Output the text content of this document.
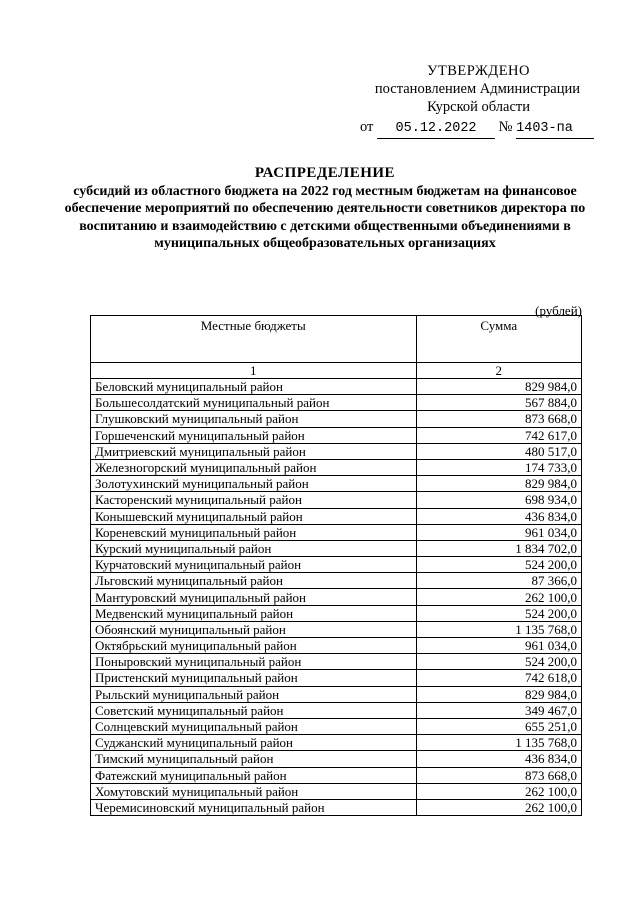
УТВЕРЖДЕНО
постановлением Администрации
Курской области
от 05.12.2022 № 1403-па
РАСПРЕДЕЛЕНИЕ
субсидий из областного бюджета на 2022 год местным бюджетам на финансовое обеспечение мероприятий по обеспечению деятельности советников директора по воспитанию и взаимодействию с детскими общественными объединениями в муниципальных общеобразовательных организациях
(рублей)
Местные бюджеты	Сумма
1	2
Беловский муниципальный район	829 984,0
Большесолдатский муниципальный район	567 884,0
Глушковский муниципальный район	873 668,0
Горшеченский муниципальный район	742 617,0
Дмитриевский муниципальный район	480 517,0
Железногорский муниципальный район	174 733,0
Золотухинский муниципальный район	829 984,0
Касторенский муниципальный район	698 934,0
Конышевский муниципальный район	436 834,0
Кореневский муниципальный район	961 034,0
Курский муниципальный район	1 834 702,0
Курчатовский муниципальный район	524 200,0
Льговский муниципальный район	87 366,0
Мантуровский муниципальный район	262 100,0
Медвенский муниципальный район	524 200,0
Обоянский муниципальный район	1 135 768,0
Октябрьский муниципальный район	961 034,0
Поныровский муниципальный район	524 200,0
Пристенский муниципальный район	742 618,0
Рыльский муниципальный район	829 984,0
Советский муниципальный район	349 467,0
Солнцевский муниципальный район	655 251,0
Суджанский муниципальный район	1 135 768,0
Тимский муниципальный район	436 834,0
Фатежский муниципальный район	873 668,0
Хомутовский муниципальный район	262 100,0
Черемисиновский муниципальный район	262 100,0
